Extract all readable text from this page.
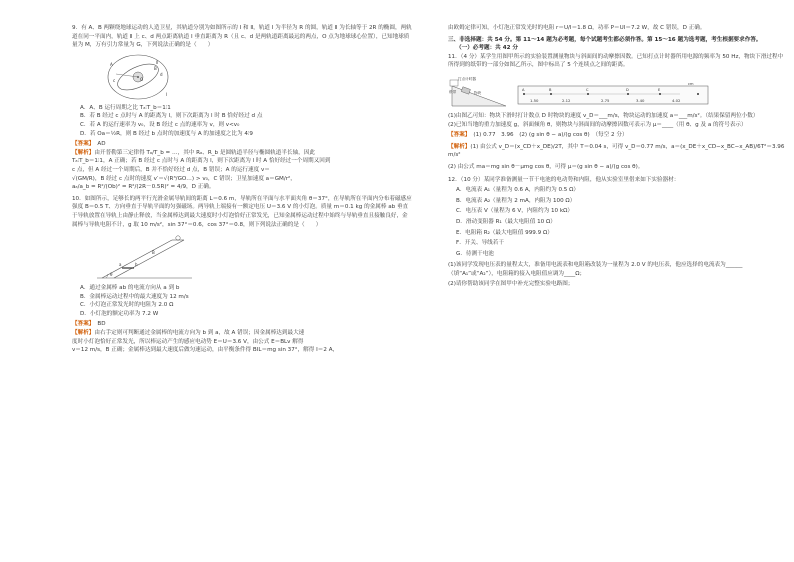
9．有 A、B 两颗绕地球运动的人造卫星，其轨道分别为如图所示的 Ⅰ 和 Ⅱ，轨道 Ⅰ 为半径为 R 的圆，轨道 Ⅱ 为长轴等于 2R 的椭圆，两轨道在同一平面内，轨道 Ⅱ 上 c、d 两点距离轨道 Ⅰ 垂直距离为 R（且 c、d 是两轨道距离最远的两点，O 点为地球球心位置），已知地球质量为 M，万有引力常量为 G，下列说法正确的是（　　）

O
A
B
c
d
Ⅰ
Ⅱ

A．A、B 运行周期之比 Tₐ∶T_b＝1∶1

B．若 B 经过 c 点时与 A 的距离为 l，则下次距离为 l 时 B 恰好经过 d 点

C．若 A 的运行速率为 v₀，设 B 经过 c 点的速率为 v，则 v<v₀

D．若 Oa＝½R，则 B 经过 b 点时的加速度与 A 的加速度之比为 4∶9

【答案】 AD

【解析】由开普勒第三定律得 Tₐ/T_b = …，其中 Rₐ、R_b 是圆轨道半径与椭圆轨道半长轴，因此

Tₐ∶T_b＝1∶1，A 正确；若 B 经过 c 点时与 A 的距离为 l，则下次距离为 l 时 A 恰好经过一个周期又回到

c 点，但 A 经过一个周期后，B 并不恰好经过 d 点，B 错误；A 的运行速度 v＝

√(GM/R)，B 经过 c 点时的速度 v′＝√(R³/GO…) > v₀，C 错误；卫星加速度 a＝GM/r²，

aₐ/a_b = R²/(Ob)² = R²/(2R－0.5R)² = 4/9，D 正确。

10．如图所示，足够长的两平行光滑金属导轨间的距离 L＝0.6 m，导轨所在平面与水平面夹角 θ＝37°，在导轨所在平面内分布着磁感应强度 B＝0.5 T、方向垂直于导轨平面的匀强磁场。两导轨上端接有一额定电压 U＝3.6 V 的小灯泡。质量 m＝0.1 kg 的金属棒 ab 垂直于导轨放置在导轨上由静止释放，当金属棒达到最大速度时小灯泡恰好正常发光，已知金属棒运动过程中始终与导轨垂直且接触良好，金属棒与导轨电阻不计，g 取 10 m/s²，sin 37°＝0.6，cos 37°＝0.8，则下列说法正确的是（　　）

θ
a	b
B

A．通过金属棒 ab 的电流方向从 a 到 b

B．金属棒运动过程中的最大速度为 12 m/s

C．小灯泡正常发光时的电阻为 2.0 Ω

D．小灯泡的额定功率为 7.2 W

【答案】 BD

【解析】由右手定则可判断通过金属棒的电流方向为 b 到 a，故 A 错误；因金属棒达到最大速

度时小灯泡恰好正常发光，所以棒运动产生的感应电动势 E＝U＝3.6 V，由公式 E＝BLv 解得

v＝12 m/s，B 正确；金属棒达到最大速度后做匀速运动，由平衡条件得 BIL＝mg sin 37°，解得 I＝2 A，

由欧姆定律可知，小灯泡正常发光时的电阻 r＝U/I＝1.8 Ω，功率 P＝UI＝7.2 W，故 C 错误，D 正确。

三、非选择题：共 54 分。第 11～14 题为必考题，每个试题考生都必须作答。第 15～16 题为选考题，考生根据要求作答。

（一）必考题：共 42 分

11．（4 分）某学生用图甲所示的实验装置测量物块与斜面间的动摩擦因数。已知打点计时器所用电源的频率为 50 Hz，物块下滑过程中所得到的纸带的一部分如图乙所示，图中标出了 5 个连续点之间的距离。

打点计时器
纸带	物块
A	B	C	D	E
cm
1.50	2.12	2.75	3.40	4.02

(1)由图乙可知：物块下滑时打计数点 D 时物块的速度 v_D＝___m/s，物块运动的加速度 a＝___m/s²。（结果保留两位小数）

(2)已知当地的重力加速度 g，斜面倾角 θ，则物块与斜面间的动摩擦因数可表示为 μ＝____（用 θ、g 及 a 的符号表示）

【答案】 (1) 0.77　3.96　(2) (g sin θ − a)/(g cos θ)　（每空 2 分）

【解析】(1) 由公式 v_D＝(x_CD＋x_DE)/2T，其中 T＝0.04 s，可得 v_D＝0.77 m/s，a＝(x_DE＋x_CD−x_BC−x_AB)/6T²＝3.96 m/s²

(2) 由公式 ma＝mg sin θ－μmg cos θ，可得 μ＝(g sin θ − a)/(g cos θ)。

12．（10 分）某同学准备测量一节干电池的电动势和内阻，他从实验室里借来如下实验器材：

A．电流表 A₁（量程为 0.6 A，内阻约为 0.5 Ω）

B．电流表 A₂（量程为 2 mA，内阻为 100 Ω）

C．电压表 V（量程为 6 V，内阻约为 10 kΩ）

D．滑动变阻器 R₁（最大电阻值 10 Ω）

E．电阻箱 R₂（最大电阻值 999.9 Ω）

F．开关、导线若干

G．待测干电池

(1)该同学发现电压表的量程太大，准备用电流表和电阻箱改装为一量程为 2.0 V 的电压表，他应选择的电流表为______（填“A₁”或“A₂”），电阻箱的接入电阻值应调为____Ω；

(2)请你帮助该同学在图甲中补充完整实验电路图；
